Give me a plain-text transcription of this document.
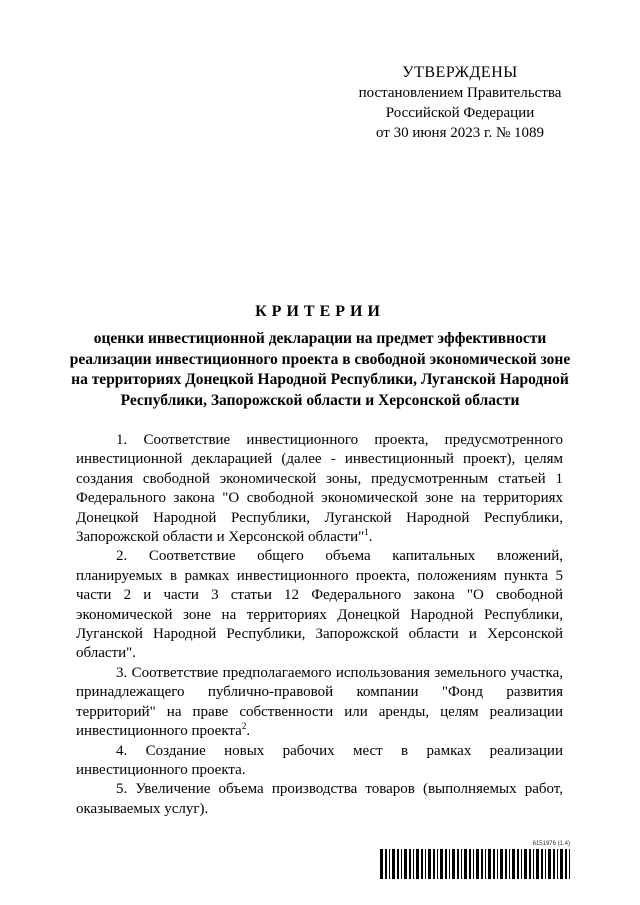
УТВЕРЖДЕНЫ
постановлением Правительства
Российской Федерации
от 30 июня 2023 г. № 1089
КРИТЕРИИ
оценки инвестиционной декларации на предмет эффективности реализации инвестиционного проекта в свободной экономической зоне на территориях Донецкой Народной Республики, Луганской Народной Республики, Запорожской области и Херсонской области

1. Соответствие инвестиционного проекта, предусмотренного инвестиционной декларацией (далее - инвестиционный проект), целям создания свободной экономической зоны, предусмотренным статьей 1 Федерального закона "О свободной экономической зоне на территориях Донецкой Народной Республики, Луганской Народной Республики, Запорожской области и Херсонской области"$^1$.

2. Соответствие общего объема капитальных вложений, планируемых в рамках инвестиционного проекта, положениям пункта 5 части 2 и части 3 статьи 12 Федерального закона "О свободной экономической зоне на территориях Донецкой Народной Республики, Луганской Народной Республики, Запорожской области и Херсонской области".

3. Соответствие предполагаемого использования земельного участка, принадлежащего публично-правовой компании "Фонд развития территорий" на праве собственности или аренды, целям реализации инвестиционного проекта$^2$.

4. Создание новых рабочих мест в рамках реализации инвестиционного проекта.

5. Увеличение объема производства товаров (выполняемых работ, оказываемых услуг).

6151976 (1.4)
